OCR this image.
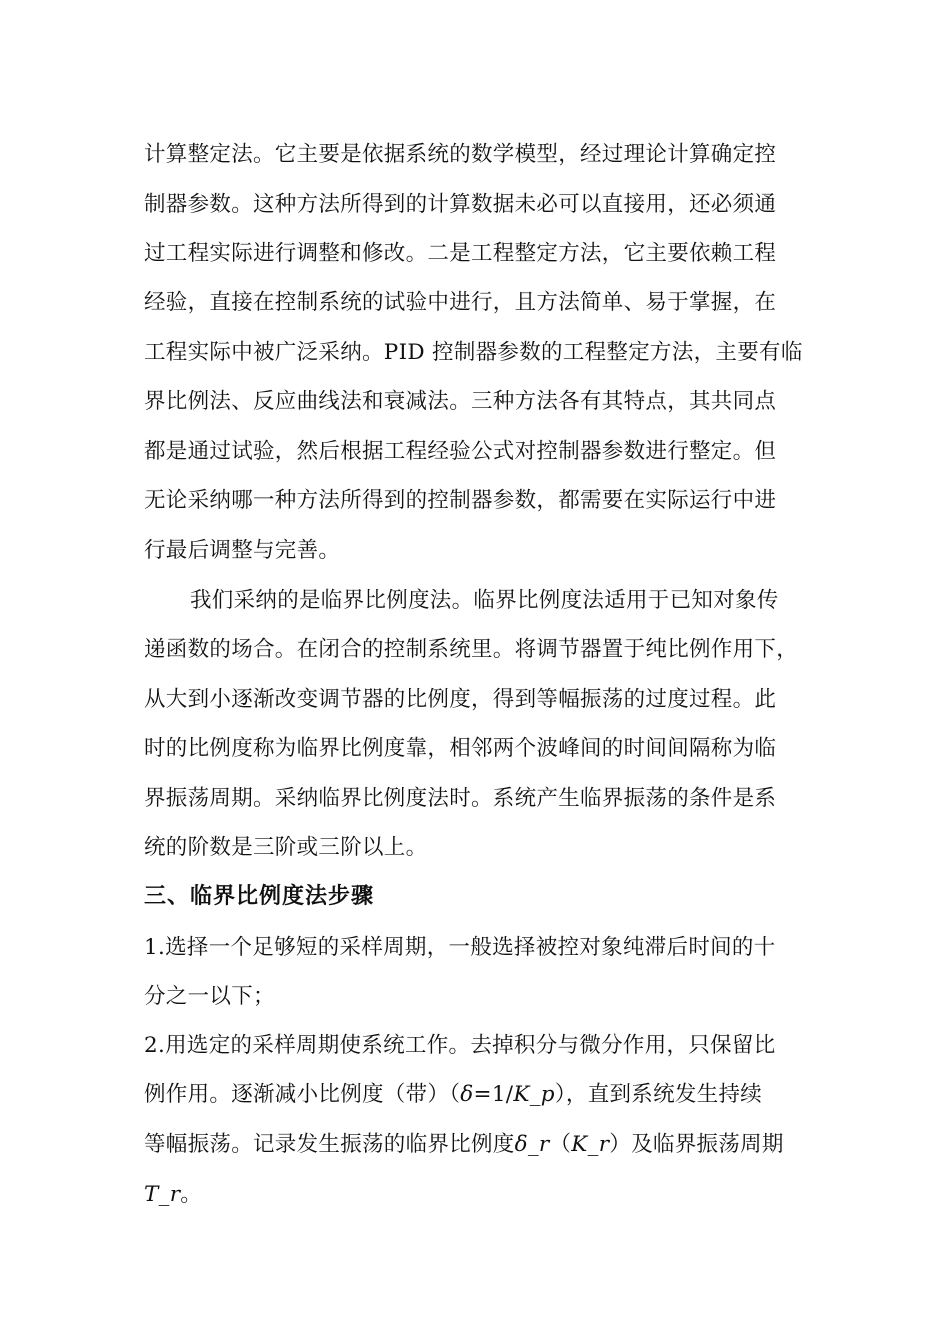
计算整定法。它主要是依据系统的数学模型，经过理论计算确定控
制器参数。这种方法所得到的计算数据未必可以直接用，还必须通
过工程实际进行调整和修改。二是工程整定方法，它主要依赖工程
经验，直接在控制系统的试验中进行，且方法简单、易于掌握，在
工程实际中被广泛采纳。PID 控制器参数的工程整定方法，主要有临
界比例法、反应曲线法和衰减法。三种方法各有其特点，其共同点
都是通过试验，然后根据工程经验公式对控制器参数进行整定。但
无论采纳哪一种方法所得到的控制器参数，都需要在实际运行中进
行最后调整与完善。
我们采纳的是临界比例度法。临界比例度法适用于已知对象传
递函数的场合。在闭合的控制系统里。将调节器置于纯比例作用下，
从大到小逐渐改变调节器的比例度，得到等幅振荡的过度过程。此
时的比例度称为临界比例度靠，相邻两个波峰间的时间间隔称为临
界振荡周期。采纳临界比例度法时。系统产生临界振荡的条件是系
统的阶数是三阶或三阶以上。
三、临界比例度法步骤
1.选择一个足够短的采样周期，一般选择被控对象纯滞后时间的十
分之一以下；
2.用选定的采样周期使系统工作。去掉积分与微分作用，只保留比
例作用。逐渐减小比例度（带）（δ=1/K_p），直到系统发生持续
等幅振荡。记录发生振荡的临界比例度δ_r（K_r）及临界振荡周期
T_r。
